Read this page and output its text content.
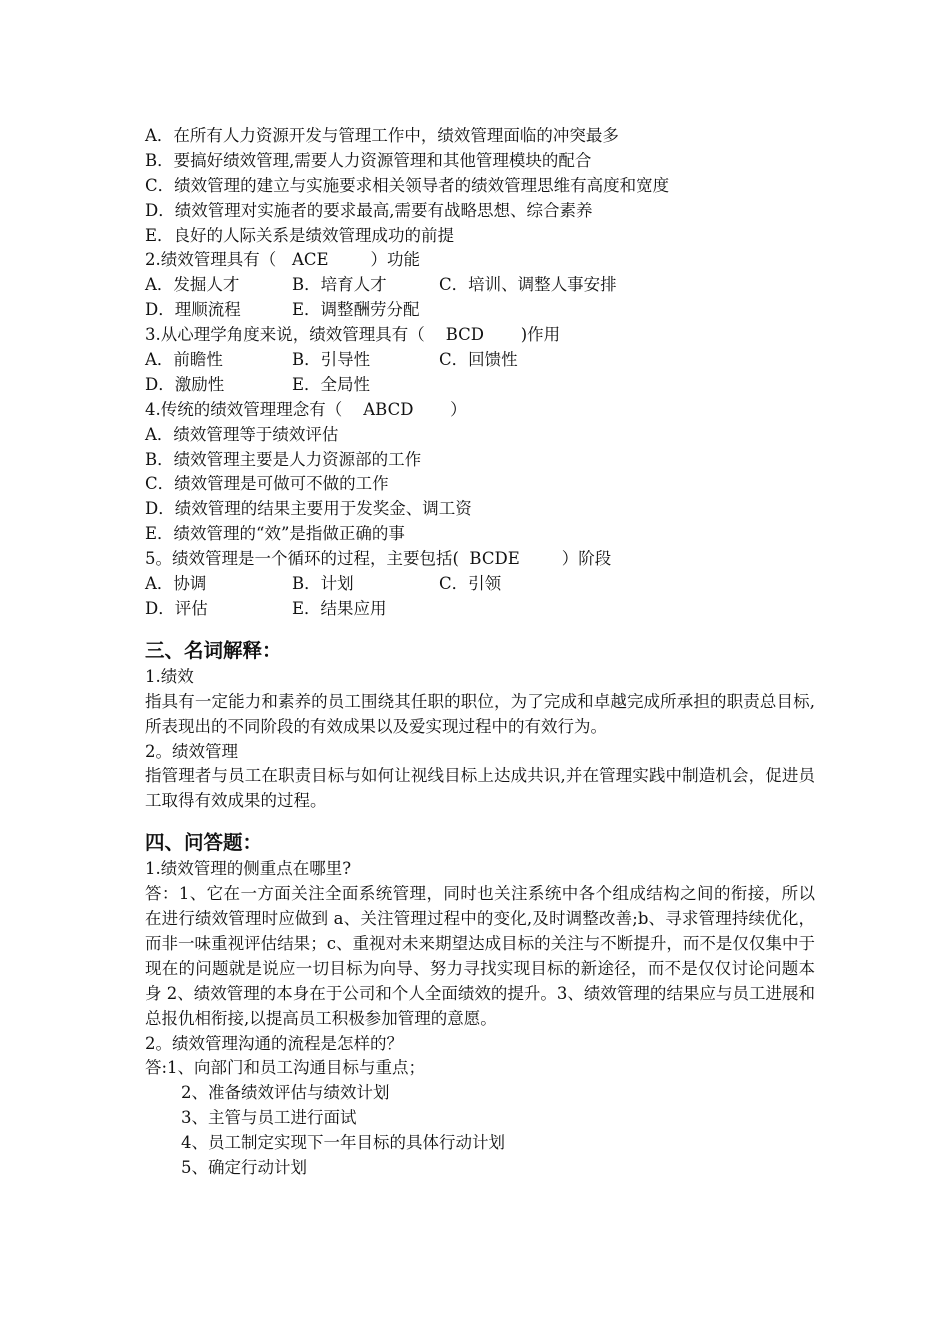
A．在所有人力资源开发与管理工作中，绩效管理面临的冲突最多
B．要搞好绩效管理,需要人力资源管理和其他管理模块的配合
C．绩效管理的建立与实施要求相关领导者的绩效管理思维有高度和宽度
D．绩效管理对实施者的要求最高,需要有战略思想、综合素养
E．良好的人际关系是绩效管理成功的前提
2.绩效管理具有（   ACE        ）功能
A．发掘人才	B．培育人才	C．培训、调整人事安排
D．理顺流程	E．调整酬劳分配
3.从心理学角度来说，绩效管理具有（    BCD       )作用
A．前瞻性	B．引导性	C．回馈性
D．激励性	E．全局性
4.传统的绩效管理理念有（    ABCD       ）
A．绩效管理等于绩效评估
B．绩效管理主要是人力资源部的工作
C．绩效管理是可做可不做的工作
D．绩效管理的结果主要用于发奖金、调工资
E．绩效管理的“效”是指做正确的事
5。绩效管理是一个循环的过程，主要包括(  BCDE        ）阶段
A．协调	B．计划	C．引领
D．评估	E．结果应用
三、名词解释：
1.绩效
指具有一定能力和素养的员工围绕其任职的职位，为了完成和卓越完成所承担的职责总目标,所表现出的不同阶段的有效成果以及爱实现过程中的有效行为。
2。绩效管理
指管理者与员工在职责目标与如何让视线目标上达成共识,并在管理实践中制造机会，促进员工取得有效成果的过程。
四、问答题：
1.绩效管理的侧重点在哪里?
答：1、它在一方面关注全面系统管理，同时也关注系统中各个组成结构之间的衔接，所以在进行绩效管理时应做到 a、关注管理过程中的变化,及时调整改善;b、寻求管理持续优化，而非一味重视评估结果；c、重视对未来期望达成目标的关注与不断提升，而不是仅仅集中于现在的问题就是说应一切目标为向导、努力寻找实现目标的新途径，而不是仅仅讨论问题本身 2、绩效管理的本身在于公司和个人全面绩效的提升。3、绩效管理的结果应与员工进展和总报仇相衔接,以提高员工积极参加管理的意愿。
2。绩效管理沟通的流程是怎样的？
答:1、向部门和员工沟通目标与重点；
2、准备绩效评估与绩效计划
3、主管与员工进行面试
4、员工制定实现下一年目标的具体行动计划
5、确定行动计划
